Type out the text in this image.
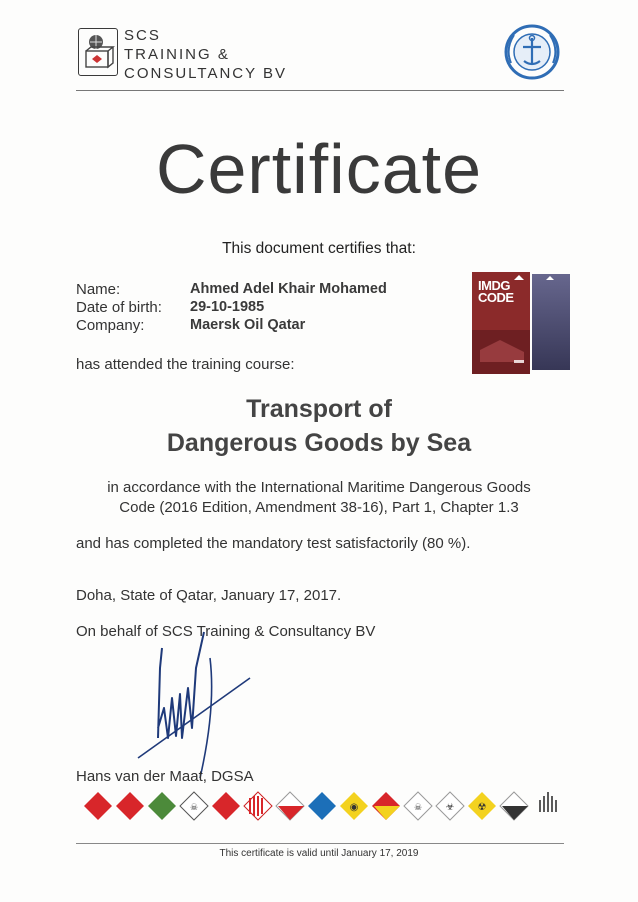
SCS
TRAINING &
CONSULTANCY BV
Certificate
This document certifies that:
Name:	Ahmed Adel Khair Mohamed
Date of birth: 29-10-1985
Company:	Maersk Oil Qatar
has attended the training course:
IMDG
CODE
Transport of
Dangerous Goods by Sea
in accordance with the International Maritime Dangerous Goods
Code (2016 Edition, Amendment 38-16), Part 1, Chapter 1.3
and has completed the mandatory test satisfactorily (80 %).
Doha, State of Qatar, January 17, 2017.
On behalf of SCS Training & Consultancy BV
Hans van der Maat, DGSA
☠	◉	☠ ☣ ☢
This certificate is valid until January 17, 2019
